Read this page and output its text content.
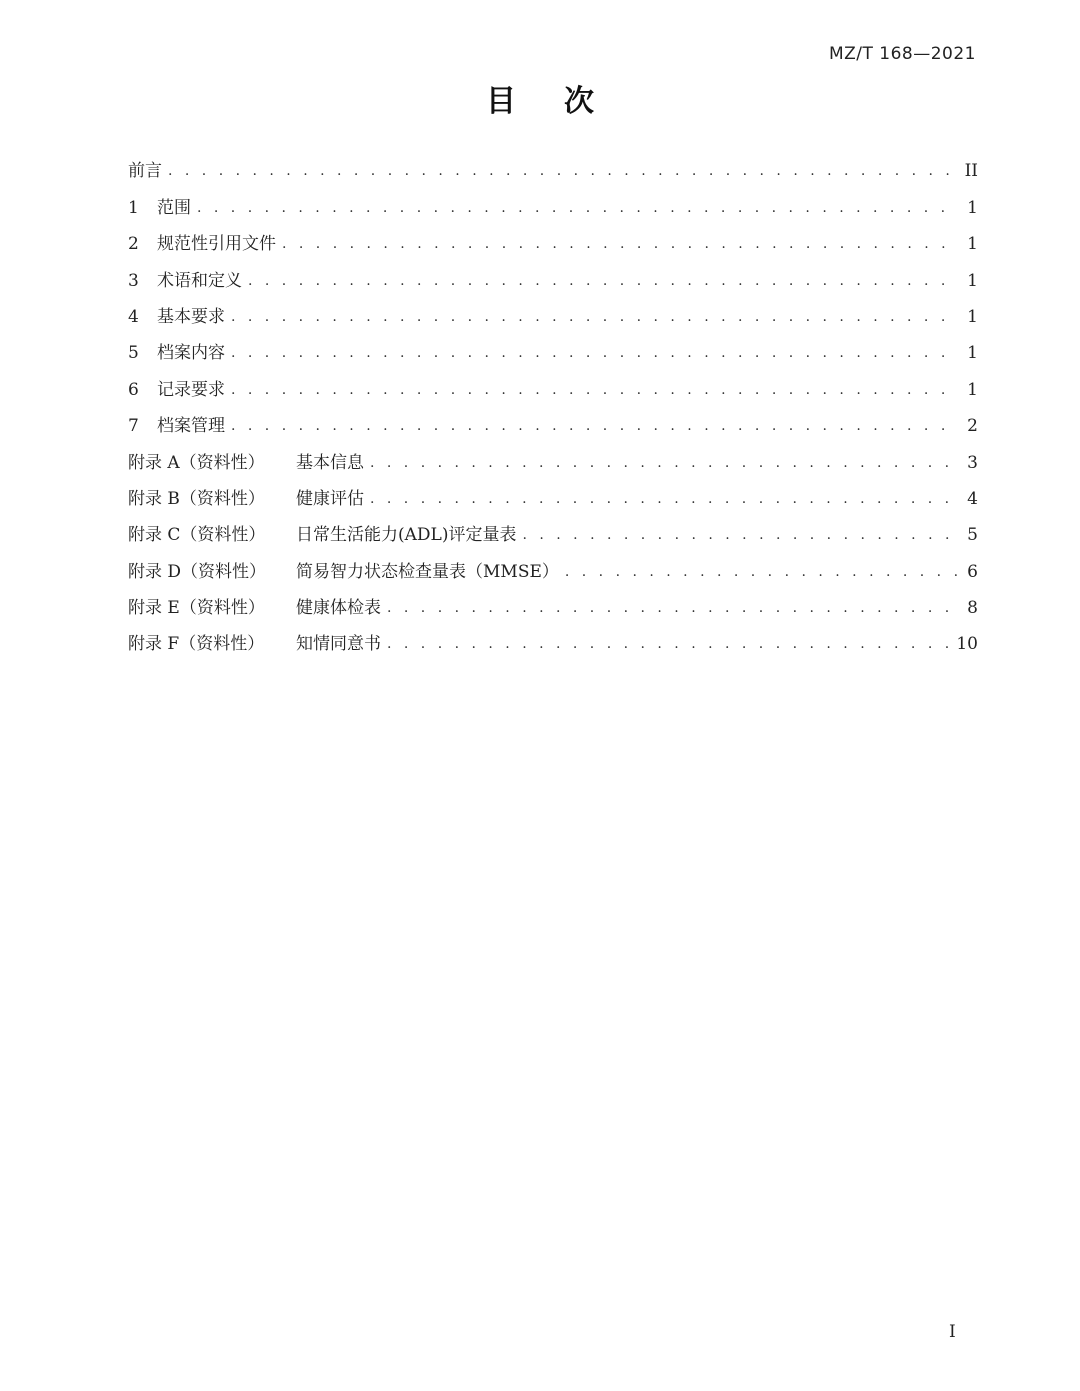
MZ/T 168—2021
目 次
前言 . . .	II
1	范围 . . .	1
2	规范性引用文件 . . .	1
3	术语和定义 . . .	1
4	基本要求 . . .	1
5	档案内容 . . .	1
6	记录要求 . . .	1
7	档案管理 . . .	2
附录 A（资料性）	基本信息 . . .	3
附录 B（资料性）	健康评估 . . .	4
附录 C（资料性）	日常生活能力(ADL)评定量表 . . .	5
附录 D（资料性）	简易智力状态检查量表（MMSE） . . .	6
附录 E（资料性）	健康体检表 . . .	8
附录 F（资料性）	知情同意书 . . .	10
I
